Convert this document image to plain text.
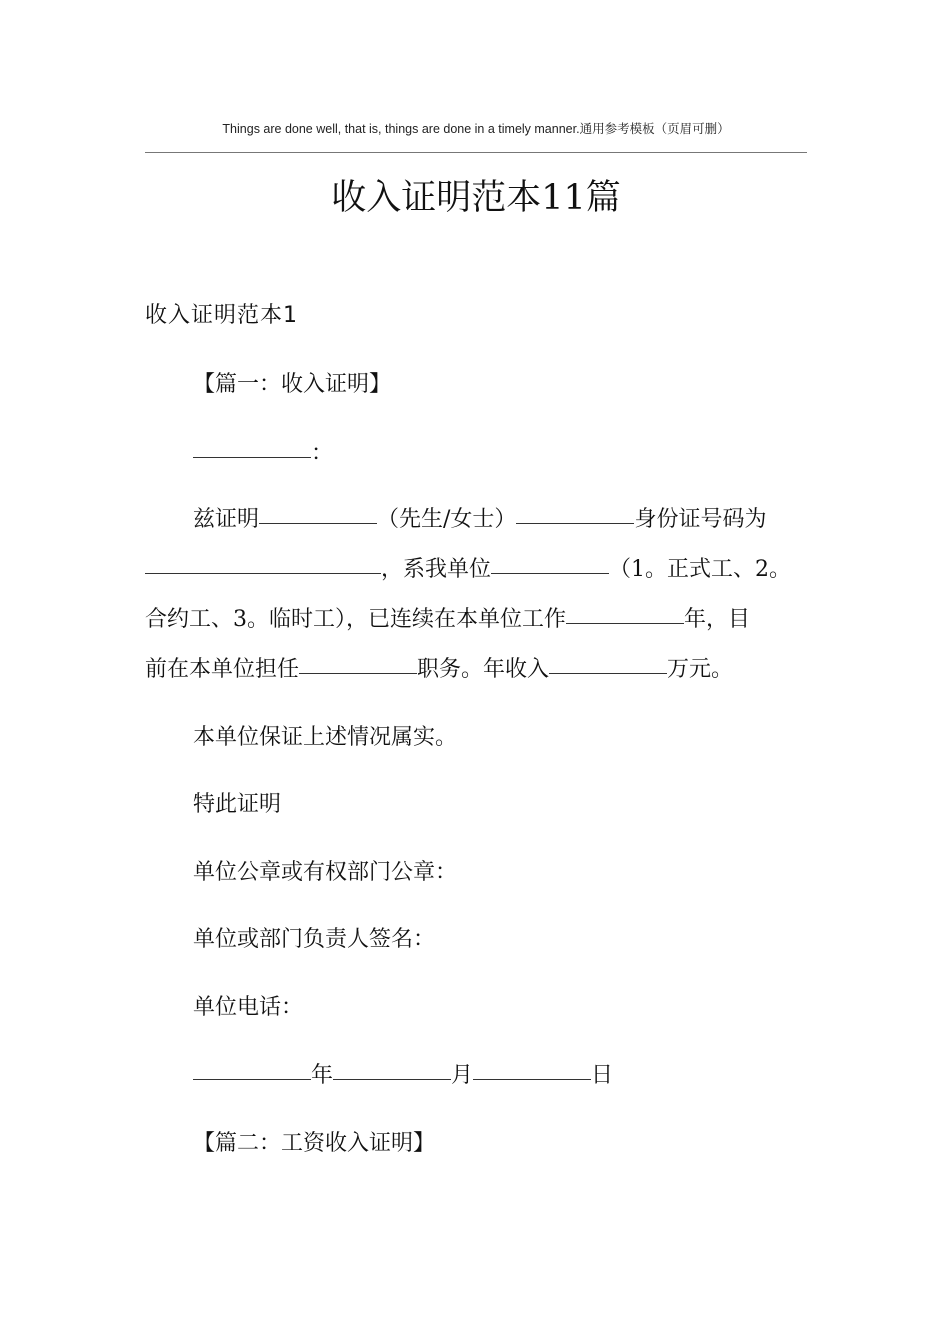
Things are done well, that is, things are done in a timely manner.通用参考模板（页眉可删）
收入证明范本11篇
收入证明范本1
【篇一：收入证明】
：
兹证明	（先生/女士）	身份证号码为
，系我单位	（1。正式工、2。
合约工、3。临时工），已连续在本单位工作	年，目
前在本单位担任	职务。年收入	万元。
本单位保证上述情况属实。
特此证明
单位公章或有权部门公章：
单位或部门负责人签名：
单位电话：
年	月	日
【篇二：工资收入证明】
